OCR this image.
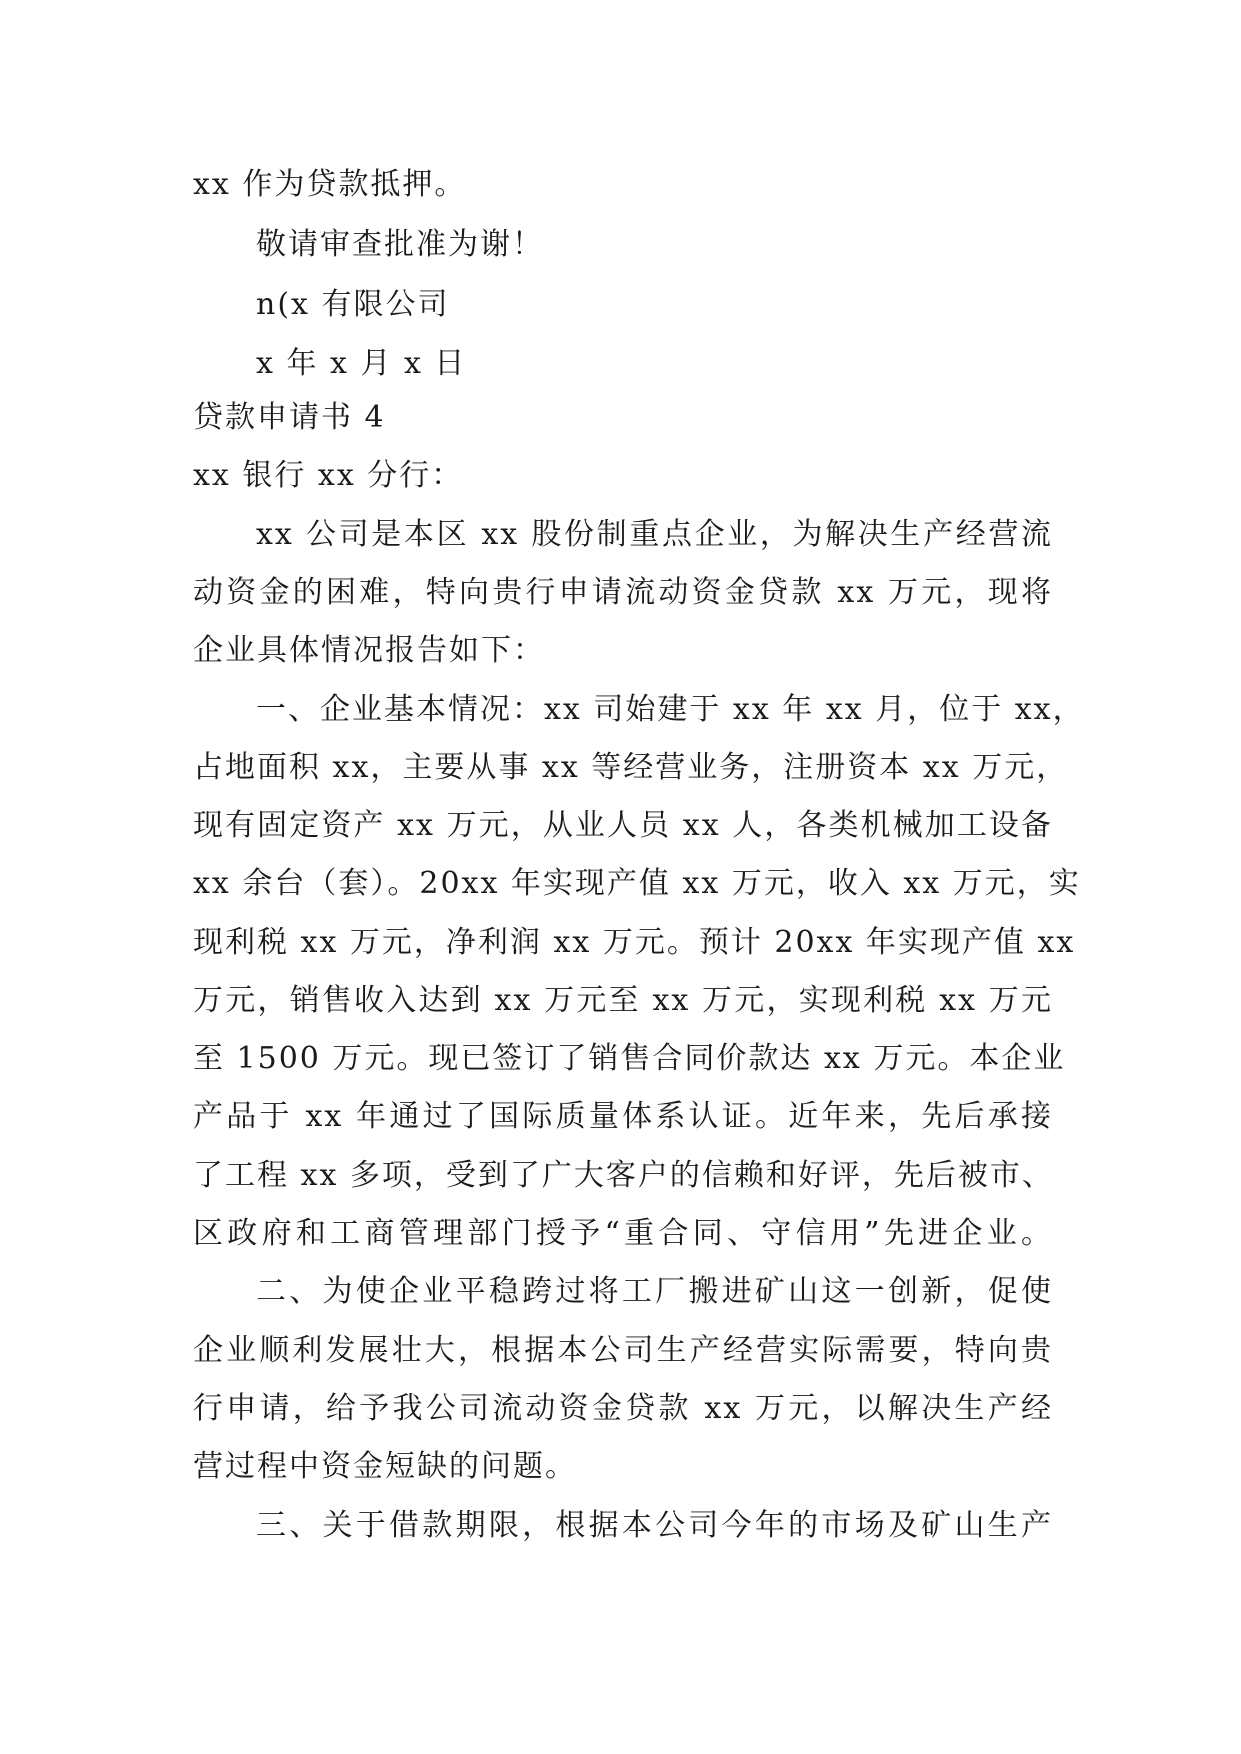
xx 作为贷款抵押。
敬请审查批准为谢！
n(x 有限公司
x 年 x 月 x 日
贷款申请书 4
xx 银行 xx 分行：
xx 公司是本区 xx 股份制重点企业，为解决生产经营流
动资金的困难，特向贵行申请流动资金贷款 xx 万元，现将
企业具体情况报告如下：
一、企业基本情况：xx 司始建于 xx 年 xx 月，位于 xx，
占地面积 xx，主要从事 xx 等经营业务，注册资本 xx 万元，
现有固定资产 xx 万元，从业人员 xx 人，各类机械加工设备
xx 余台（套）。20xx 年实现产值 xx 万元，收入 xx 万元，实
现利税 xx 万元，净利润 xx 万元。预计 20xx 年实现产值 xx
万元，销售收入达到 xx 万元至 xx 万元，实现利税 xx 万元
至 1500 万元。现已签订了销售合同价款达 xx 万元。本企业
产品于 xx 年通过了国际质量体系认证。近年来，先后承接
了工程 xx 多项，受到了广大客户的信赖和好评，先后被市、
区政府和工商管理部门授予“重合同、守信用”先进企业。
二、为使企业平稳跨过将工厂搬进矿山这一创新，促使
企业顺利发展壮大，根据本公司生产经营实际需要，特向贵
行申请，给予我公司流动资金贷款 xx 万元，以解决生产经
营过程中资金短缺的问题。
三、关于借款期限，根据本公司今年的市场及矿山生产
